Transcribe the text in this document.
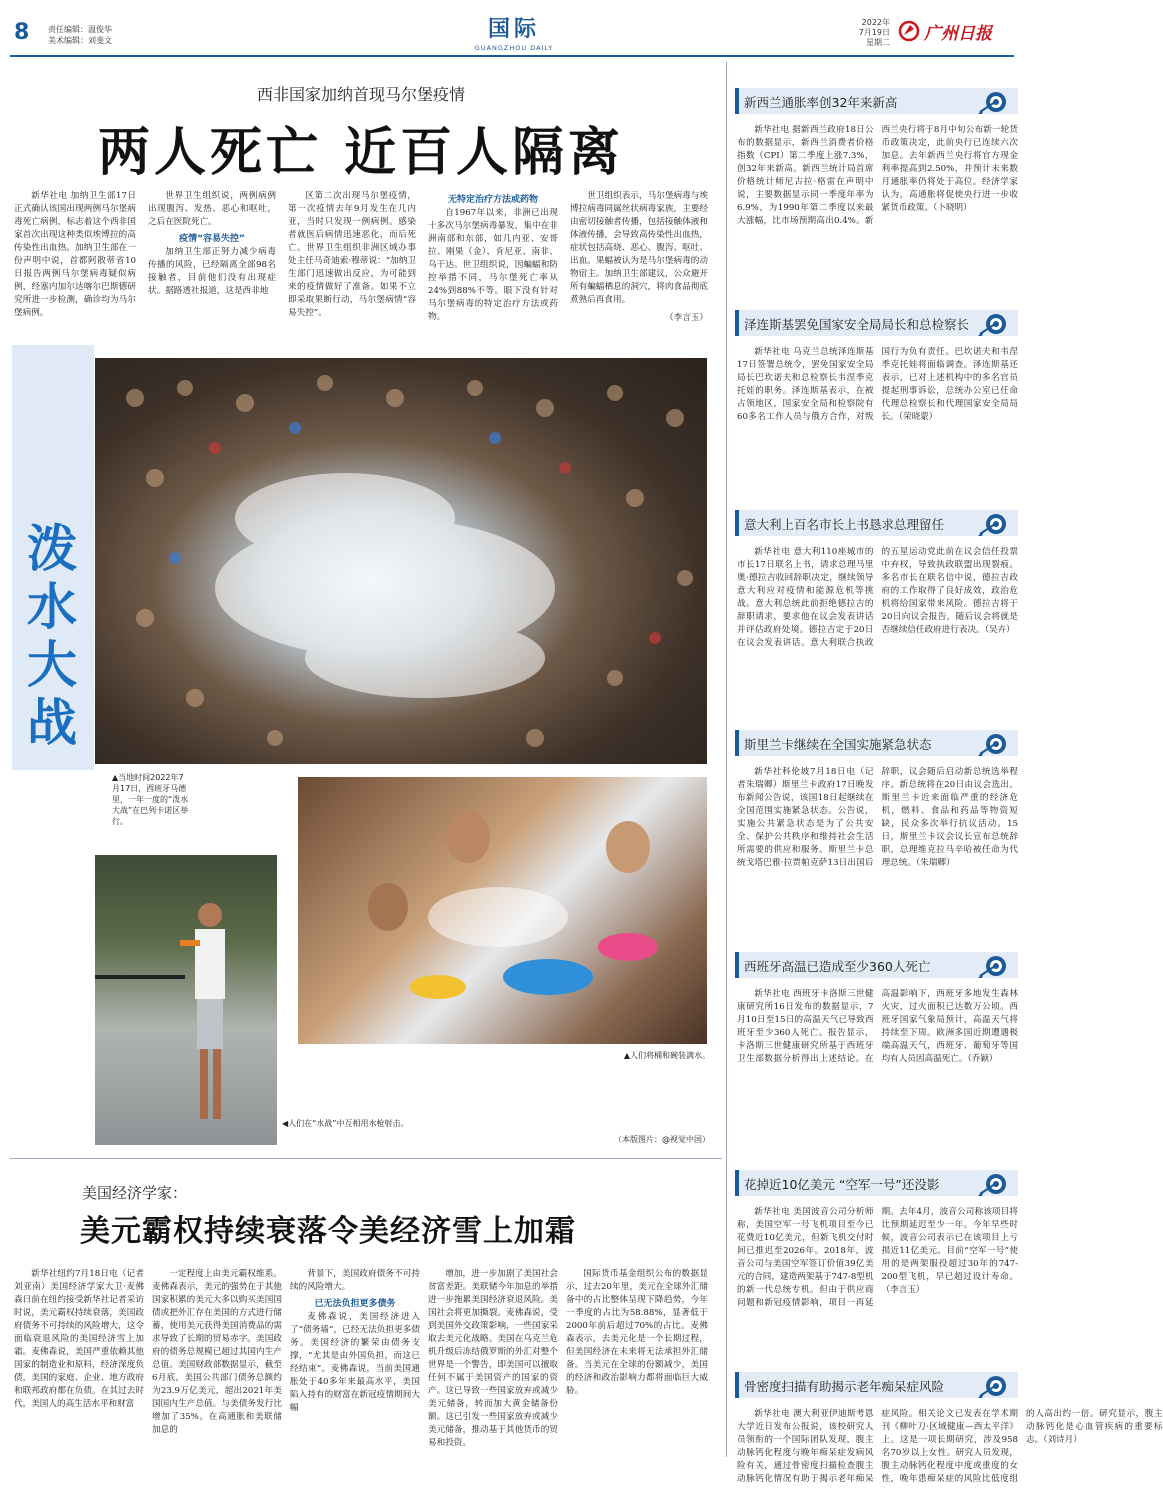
8 责任编辑：温俊华
美术编辑：刘斐文	国际
GUANGZHOU DAILY
2022年
7月19日
星期二 广州日报
西非国家加纳首现马尔堡疫情
两人死亡 近百人隔离
新华社电 加纳卫生部17日正式确认该国出现两例马尔堡病毒死亡病例，标志着这个西非国家首次出现这种类似埃博拉的高传染性出血热。加纳卫生部在一份声明中说，首都阿散蒂省10日报告两例马尔堡病毒疑似病例，经塞内加尔达喀尔巴斯德研究所进一步检测，确诊均为马尔堡病例。
世界卫生组织说，两例病例出现腹泻、发热、恶心和呕吐，之后在医院死亡。
疫情“容易失控”
加纳卫生部正努力减少病毒传播的风险，已经隔离全部98名接触者，目前他们没有出现症状。据路透社报道，这是西非地
区第二次出现马尔堡疫情，第一次疫情去年9月发生在几内亚，当时只发现一例病例。感染者就医后病情迅速恶化，而后死亡。世界卫生组织非洲区域办事处主任马奇迪索·穆蒂说：“加纳卫生部门迅速做出反应，为可能到来的疫情做好了准备。如果不立即采取果断行动，马尔堡病情“容易失控”。
无特定治疗方法或药物
自1967年以来，非洲已出现十多次马尔堡病毒暴发，集中在非洲南部和东部，如几内亚、安哥拉、刚果（金）、肯尼亚、南非、乌干达。世卫组织说，因蝙蝠和防控举措不同，马尔堡死亡率从24%到88%不等。眼下没有针对马尔堡病毒的特定治疗方法或药物。
世卫组织表示，马尔堡病毒与埃博拉病毒同属丝状病毒家族，主要经由密切接触者传播，包括接触体液和体液传播，会导致高传染性出血热，症状包括高烧、恶心、腹泻、呕吐、出血。果蝠被认为是马尔堡病毒的动物宿主。加纳卫生部建议，公众避开所有蝙蝠栖息的洞穴，将肉食品彻底煮熟后再食用。
（李言玉）
泼水大战
▲当地时间2022年7月17日，西班牙马德里，一年一度的“泼水大战”在巴列卡诺区举行。
▲人们将桶和碗装满水。
◀人们在“水战”中互相用水枪射击。
（本版图片：@视觉中国）
美国经济学家：
美元霸权持续衰落令美经济雪上加霜
新华社纽约7月18日电（记者刘亚南）美国经济学家大卫·麦佛森日前在纽约接受新华社记者采访时说，美元霸权持续衰落，美国政府债务不可持续的风险增大，这令面临衰退风险的美国经济雪上加霜。麦佛森说，美国严重依赖其他国家的制造业和原料，经济深度负债，美国的家庭、企业、地方政府和联邦政府都在负债。在其过去时代，美国人的高生活水平和财富
一定程度上由美元霸权维系。麦佛森表示，美元的强势在于其他国家积累的美元大多以购买美国国债或把外汇存在美国的方式进行储蓄，使用美元获得美国消费品的需求导致了长期的贸易赤字。美国政府的债务总规模已超过其国内生产总值。美国财政部数据显示，截至6月底，美国公共部门债务总额约为23.9万亿美元，超出2021年美国国内生产总值。与美债务发行比增加了35%。在高通胀和美联储加息的
背景下，美国政府债务不可持续的风险增大。
已无法负担更多债务
麦佛森说，美国经济进入了“债务墙”，已经无法负担更多债务。美国经济的繁荣由债务支撑，“尤其是由外国负担，而这已经结束”。麦佛森说，当前美国通胀处于40多年来最高水平，美国陷入持有的财富在新冠疫情期间大幅
增加，进一步加剧了美国社会贫富差距。美联储今年加息的举措进一步拖累美国经济衰退风险。美国社会将更加撕裂。麦佛森说，受到美国外交政策影响，一些国家采取去美元化战略。美国在乌克兰危机升级后冻结俄罗斯的外汇对整个世界是一个警告，即美国可以擅取任何不属于美国资产的国家的资产。这已导致一些国家放弃或减少美元储备，转而加大黄金储备份额。这已引发一些国家放弃或减少美元储备，推动基于其他货币的贸易和投资。
国际货币基金组织公布的数据显示，过去20年里，美元在全球外汇储备中的占比整体呈现下降趋势，今年一季度的占比为58.88%，显著低于2000年前后超过70%的占比。麦佛森表示，去美元化是一个长期过程，但美国经济在未来将无法承担外汇储备。当美元在全球的份额减少，美国的经济和政治影响力都将面临巨大威胁。
新西兰通胀率创32年来新高
新华社电 据新西兰政府18日公布的数据显示，新西兰消费者价格指数（CPI）第二季度上涨7.3%，创32年来新高。新西兰统计局首席价格统计师尼古拉·格雷在声明中说，主要数据显示同一季度年率为6.9%，为1990年第二季度以来最大涨幅，比市场预期高出0.4%。新西兰央行将于8月中旬公布新一轮货币政策决定，此前央行已连续六次加息。去年新西兰央行将官方现金利率提高到2.50%，并预计未来数月通胀率仍将处于高位。经济学家认为，高通胀将促使央行进一步收紧货币政策。（卜晓明）
泽连斯基罢免国家安全局局长和总检察长
新华社电 乌克兰总统泽连斯基17日签署总统令，罢免国家安全局局长巴坎诺夫和总检察长韦涅季克托娃的职务。泽连斯基表示，在被占领地区，国家安全局和检察院有60多名工作人员与俄方合作，对叛国行为负有责任。巴坎诺夫和韦涅季克托娃将面临调查。泽连斯基还表示，已对上述机构中的多名官员提起刑事诉讼，总统办公室已任命代理总检察长和代理国家安全局局长。（荣晓蒙）
意大利上百名市长上书恳求总理留任
新华社电 意大利110座城市的市长17日联名上书，请求总理马里奥·德拉吉收回辞职决定，继续领导意大利应对疫情和能源危机等挑战。意大利总统此前拒绝德拉吉的辞职请求，要求他在议会发表讲话并评估政府处境。德拉吉定于20日在议会发表讲话。意大利联合执政的五星运动党此前在议会信任投票中弃权，导致执政联盟出现裂痕。多名市长在联名信中说，德拉吉政府的工作取得了良好成效，政治危机将给国家带来风险。德拉吉将于20日向议会报告，随后议会将就是否继续信任政府进行表决。（吴卉）
斯里兰卡继续在全国实施紧急状态
新华社科伦坡7月18日电（记者朱瑞卿）斯里兰卡政府17日晚发布新闻公告说，该国18日起继续在全国范围实施紧急状态。公告说，实施公共紧急状态是为了公共安全、保护公共秩序和维持社会生活所需要的供应和服务。斯里兰卡总统戈塔巴雅·拉贾帕克萨13日出国后辞职，议会随后启动新总统选举程序。新总统将在20日由议会选出。斯里兰卡近来面临严重的经济危机，燃料、食品和药品等物资短缺，民众多次举行抗议活动。15日，斯里兰卡议会议长宣布总统辞职，总理维克拉马辛哈被任命为代理总统。（朱瑞卿）
西班牙高温已造成至少360人死亡
新华社电 西班牙卡洛斯三世健康研究所16日发布的数据显示，7月10日至15日的高温天气已导致西班牙至少360人死亡。报告显示，卡洛斯三世健康研究所基于西班牙卫生部数据分析得出上述结论。在高温影响下，西班牙多地发生森林火灾，过火面积已达数万公顷。西班牙国家气象局预计，高温天气将持续至下周。欧洲多国近期遭遇极端高温天气，西班牙、葡萄牙等国均有人员因高温死亡。（乔颖）
花掉近10亿美元 “空军一号”还没影
新华社电 美国波音公司分析师称，美国空军一号飞机项目至今已花费近10亿美元，但新飞机交付时间已推迟至2026年。2018年，波音公司与美国空军签订价值39亿美元的合同，建造两架基于747-8型机的新一代总统专机。但由于供应商问题和新冠疫情影响，项目一再延期。去年4月，波音公司称该项目将比预期延迟至少一年。今年早些时候，波音公司表示已在该项目上亏损近11亿美元。目前“空军一号”使用的是两架服役超过30年的747-200型飞机，早已超过设计寿命。（李言玉）
骨密度扫描有助揭示老年痴呆症风险
新华社电 澳大利亚伊迪斯考恩大学近日发布公报说，该校研究人员领衔的一个国际团队发现，腹主动脉钙化程度与晚年痴呆症发病风险有关，通过骨密度扫描检查腹主动脉钙化情况有助于揭示老年痴呆症风险。相关论文已发表在学术期刊《柳叶刀·区域健康—西太平洋》上。这是一项长期研究，涉及958名70岁以上女性。研究人员发现，腹主动脉钙化程度中度或重度的女性，晚年患痴呆症的风险比低度组的人高出约一倍。研究显示，腹主动脉钙化是心血管疾病的重要标志。（刘诗月）
